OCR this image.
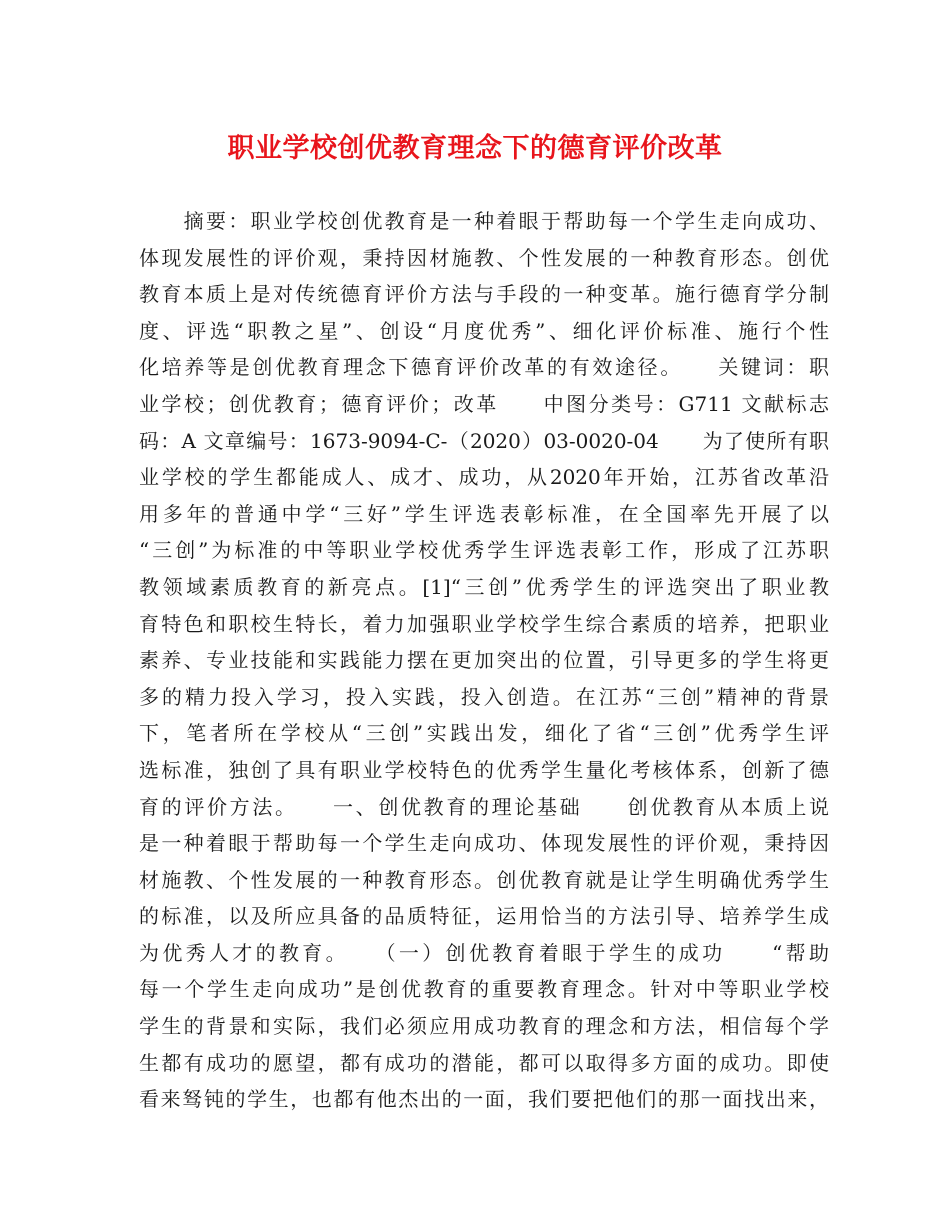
职业学校创优教育理念下的德育评价改革
　　摘要：职业学校创优教育是一种着眼于帮助每一个学生走向成功、
体现发展性的评价观，秉持因材施教、个性发展的一种教育形态。创优
教育本质上是对传统德育评价方法与手段的一种变革。施行德育学分制
度、评选“职教之星”、创设“月度优秀”、细化评价标准、施行个性
化培养等是创优教育理念下德育评价改革的有效途径。　　关键词：职
业学校；创优教育；德育评价；改革　　中图分类号：G711 文献标志
码：A 文章编号：1673-9094-C-（2020）03-0020-04　　为了使所有职
业学校的学生都能成人、成才、成功，从2020年开始，江苏省改革沿
用多年的普通中学“三好”学生评选表彰标准，在全国率先开展了以
“三创”为标准的中等职业学校优秀学生评选表彰工作，形成了江苏职
教领域素质教育的新亮点。[1]“三创”优秀学生的评选突出了职业教
育特色和职校生特长，着力加强职业学校学生综合素质的培养，把职业
素养、专业技能和实践能力摆在更加突出的位置，引导更多的学生将更
多的精力投入学习，投入实践，投入创造。在江苏“三创”精神的背景
下，笔者所在学校从“三创”实践出发，细化了省“三创”优秀学生评
选标准，独创了具有职业学校特色的优秀学生量化考核体系，创新了德
育的评价方法。　　一、创优教育的理论基础　　创优教育从本质上说
是一种着眼于帮助每一个学生走向成功、体现发展性的评价观，秉持因
材施教、个性发展的一种教育形态。创优教育就是让学生明确优秀学生
的标准，以及所应具备的品质特征，运用恰当的方法引导、培养学生成
为优秀人才的教育。　　（一）创优教育着眼于学生的成功　　“帮助
每一个学生走向成功”是创优教育的重要教育理念。针对中等职业学校
学生的背景和实际，我们必须应用成功教育的理念和方法，相信每个学
生都有成功的愿望，都有成功的潜能，都可以取得多方面的成功。即使
看来驽钝的学生，也都有他杰出的一面，我们要把他们的那一面找出来，
